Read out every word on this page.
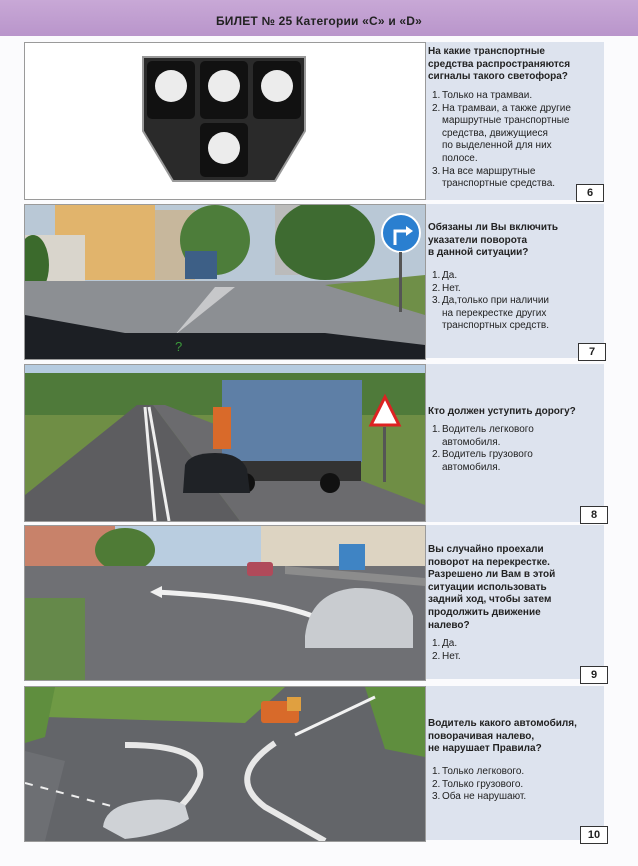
БИЛЕТ № 25 Категории «С» и «D»
На какие транспортные
средства распространяются
сигналы такого светофора?
1. Только на трамваи.
2. На трамваи, а также другие
маршрутные транспортные
средства, движущиеся
по выделенной для них
полосе.
3. На все маршрутные
транспортные средства.
6
?
Обязаны ли Вы включить
указатели поворота
в данной ситуации?
1. Да.
2. Нет.
3. Да,только при наличии
на перекрестке других
транспортных средств.
7
Кто должен уступить дорогу?
1. Водитель легкового
автомобиля.
2. Водитель грузового
автомобиля.
8
Вы случайно проехали
поворот на перекрестке.
Разрешено ли Вам в этой
ситуации использовать
задний ход, чтобы затем
продолжить движение
налево?
1. Да.
2. Нет.
9
Водитель какого автомобиля,
поворачивая налево,
не нарушает Правила?
1. Только легкового.
2. Только грузового.
3. Оба не нарушают.
10
